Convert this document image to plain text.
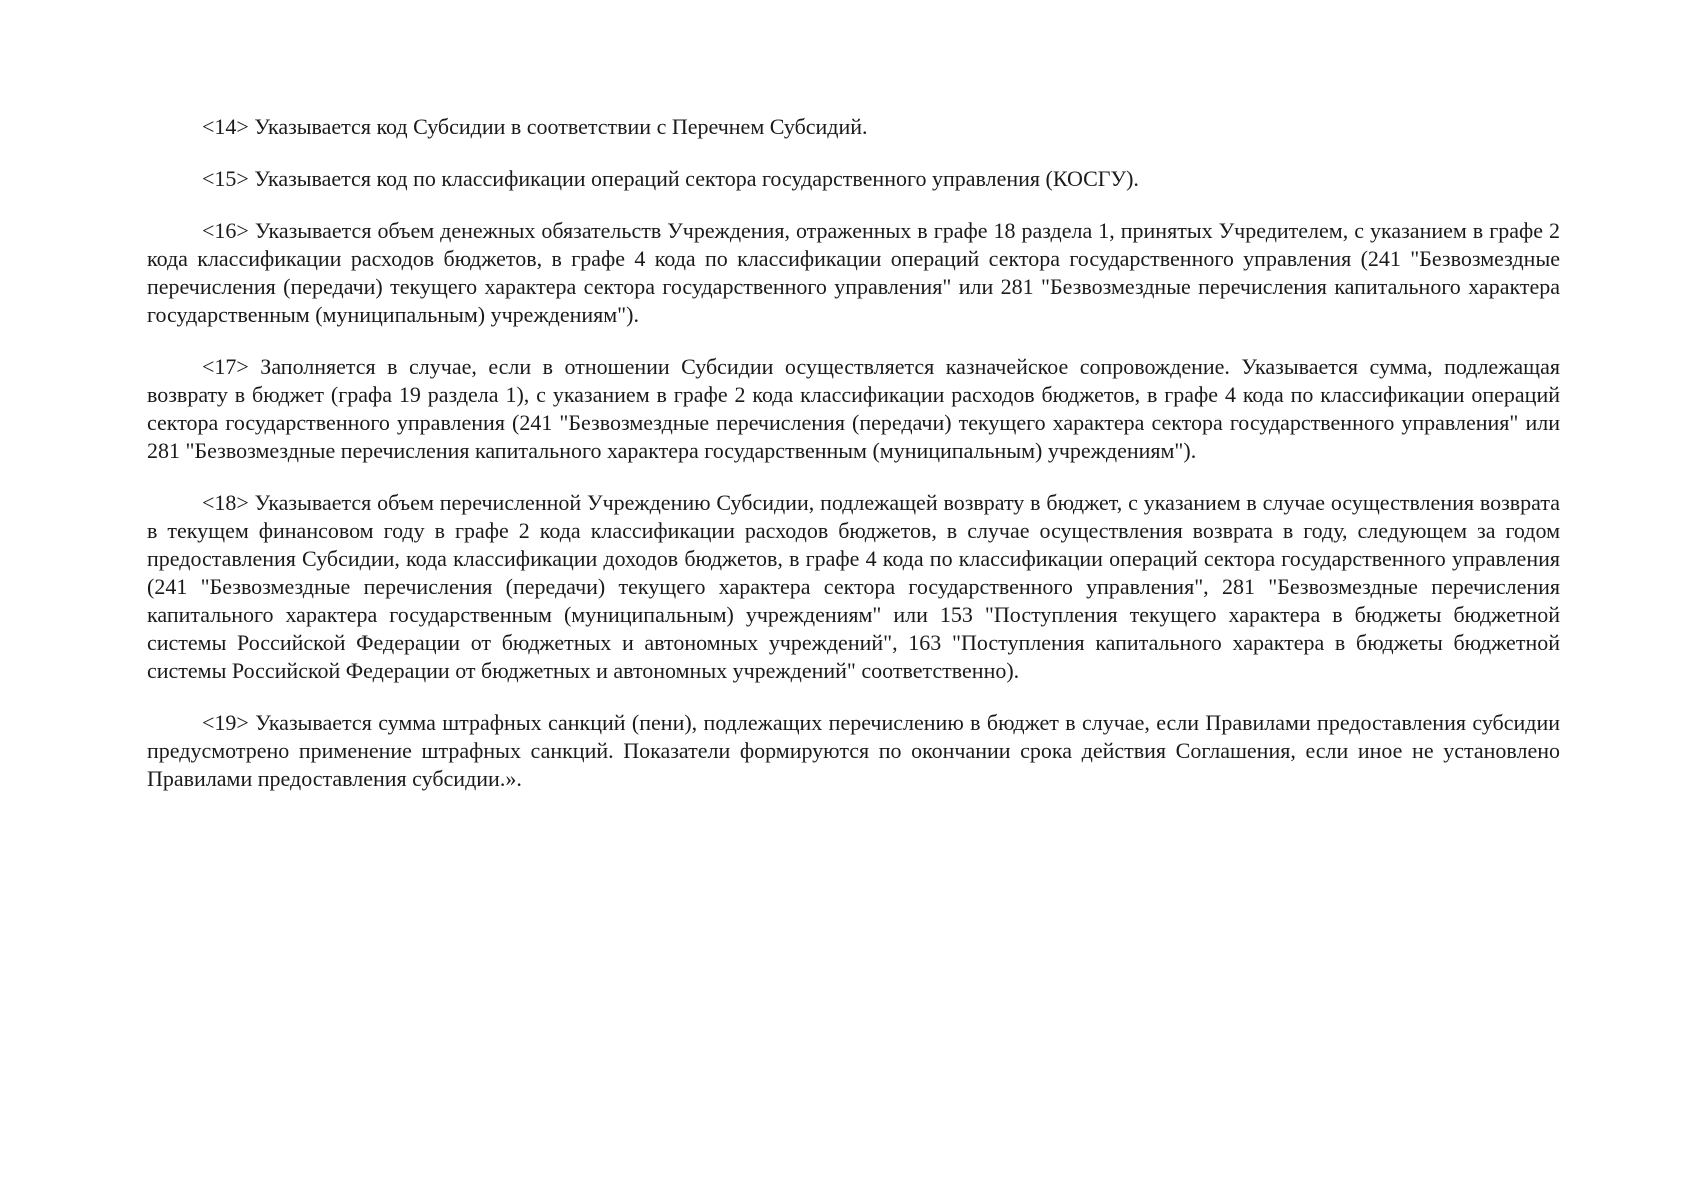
<14> Указывается код Субсидии в соответствии с Перечнем Субсидий.

<15> Указывается код по классификации операций сектора государственного управления (КОСГУ).

<16> Указывается объем денежных обязательств Учреждения, отраженных в графе 18 раздела 1, принятых Учредителем, с указанием в графе 2 кода классификации расходов бюджетов, в графе 4 кода по классификации операций сектора государственного управления (241 "Безвозмездные перечисления (передачи) текущего характера сектора государственного управления" или 281 "Безвозмездные перечисления капитального характера государственным (муниципальным) учреждениям").

<17> Заполняется в случае, если в отношении Субсидии осуществляется казначейское сопровождение. Указывается сумма, подлежащая возврату в бюджет (графа 19 раздела 1), с указанием в графе 2 кода классификации расходов бюджетов, в графе 4 кода по классификации операций сектора государственного управления (241 "Безвозмездные перечисления (передачи) текущего характера сектора государственного управления" или 281 "Безвозмездные перечисления капитального характера государственным (муниципальным) учреждениям").

<18> Указывается объем перечисленной Учреждению Субсидии, подлежащей возврату в бюджет, с указанием в случае осуществления возврата в текущем финансовом году в графе 2 кода классификации расходов бюджетов, в случае осуществления возврата в году, следующем за годом предоставления Субсидии, кода классификации доходов бюджетов, в графе 4 кода по классификации операций сектора государственного управления (241 "Безвозмездные перечисления (передачи) текущего характера сектора государственного управления", 281 "Безвозмездные перечисления капитального характера государственным (муниципальным) учреждениям" или 153 "Поступления текущего характера в бюджеты бюджетной системы Российской Федерации от бюджетных и автономных учреждений", 163 "Поступления капитального характера в бюджеты бюджетной системы Российской Федерации от бюджетных и автономных учреждений" соответственно).

<19> Указывается сумма штрафных санкций (пени), подлежащих перечислению в бюджет в случае, если Правилами предоставления субсидии предусмотрено применение штрафных санкций. Показатели формируются по окончании срока действия Соглашения, если иное не установлено Правилами предоставления субсидии.».
